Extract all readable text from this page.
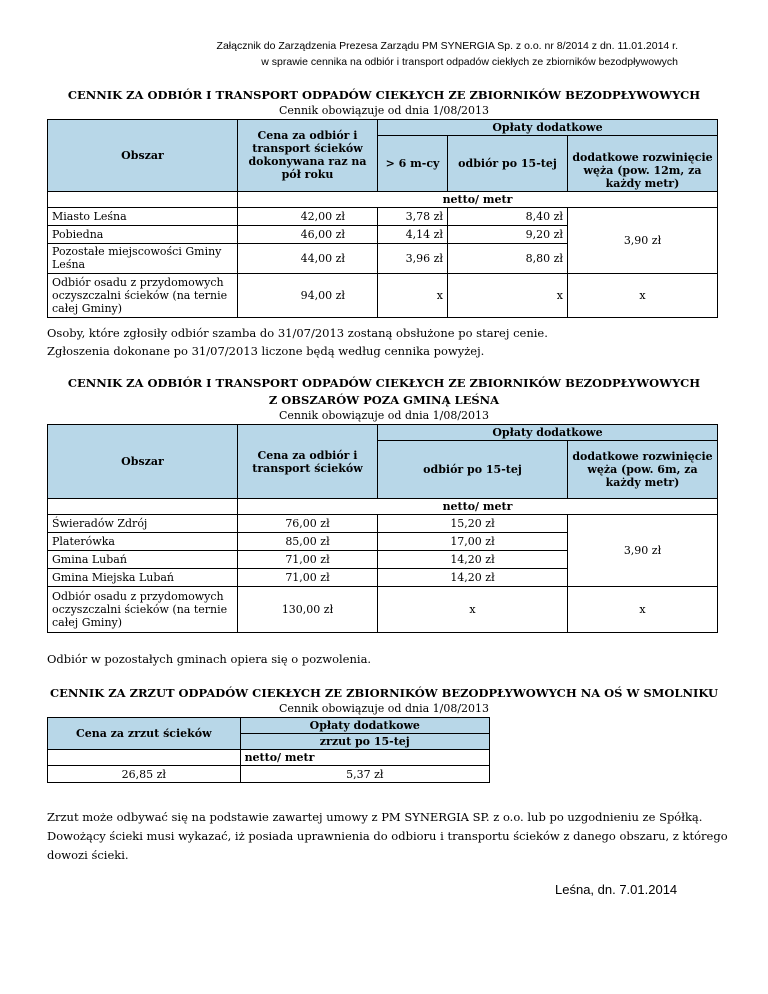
Załącznik do Zarządzenia Prezesa Zarządu PM SYNERGIA Sp. z o.o. nr 8/2014 z dn. 11.01.2014 r.
w sprawie cennika na odbiór i transport odpadów ciekłych ze zbiorników bezodpływowych
CENNIK ZA ODBIÓR I TRANSPORT ODPADÓW CIEKŁYCH ZE ZBIORNIKÓW BEZODPŁYWOWYCH
Cennik obowiązuje od dnia 1/08/2013
Obszar	Cena za odbiór i transport ścieków dokonywana raz na pół roku	Opłaty dodatkowe		
		> 6 m-cy	odbiór po 15-tej	
				dodatkowe rozwinięcie węża (pow. 12m, za każdy metr)
	netto/ metr			
Miasto Leśna	42,00 zł	3,78 zł	8,40 zł	3,90 zł
Pobiedna	46,00 zł	4,14 zł	9,20 zł	
Pozostałe miejscowości Gminy Leśna	44,00 zł	3,96 zł	8,80 zł	
Odbiór osadu z przydomowych oczyszczalni ścieków (na ternie całej Gminy)	94,00 zł	x	x	x
Osoby, które zgłosiły odbiór szamba do 31/07/2013 zostaną obsłużone po starej cenie.
Zgłoszenia dokonane po 31/07/2013 liczone będą według cennika powyżej.
CENNIK ZA ODBIÓR I TRANSPORT ODPADÓW CIEKŁYCH ZE ZBIORNIKÓW BEZODPŁYWOWYCH
Z OBSZARÓW POZA GMINĄ LEŚNA
Cennik obowiązuje od dnia 1/08/2013
Obszar	Cena za odbiór i transport ścieków	Opłaty dodatkowe	
		odbiór po 15-tej	dodatkowe rozwinięcie węża (pow. 6m, za każdy metr)
	netto/ metr		
Świeradów Zdrój	76,00 zł	15,20 zł	3,90 zł
Platerówka	85,00 zł	17,00 zł	
Gmina Lubań	71,00 zł	14,20 zł	
Gmina Miejska Lubań	71,00 zł	14,20 zł	
Odbiór osadu z przydomowych oczyszczalni ścieków (na ternie całej Gminy)	130,00 zł	x	x
Odbiór w pozostałych gminach opiera się o pozwolenia.
CENNIK ZA ZRZUT ODPADÓW CIEKŁYCH ZE ZBIORNIKÓW BEZODPŁYWOWYCH NA OŚ W SMOLNIKU
Cennik obowiązuje od dnia 1/08/2013
Cena za zrzut ścieków	Opłaty dodatkowe
	zrzut po 15-tej
	netto/ metr
26,85 zł	5,37 zł
Zrzut może odbywać się na podstawie zawartej umowy z PM SYNERGIA SP. z o.o. lub po uzgodnieniu ze Spółką.
Dowożący ścieki musi wykazać, iż posiada uprawnienia do odbioru i transportu ścieków z danego obszaru, z którego
dowozi ścieki.
Leśna, dn. 7.01.2014
